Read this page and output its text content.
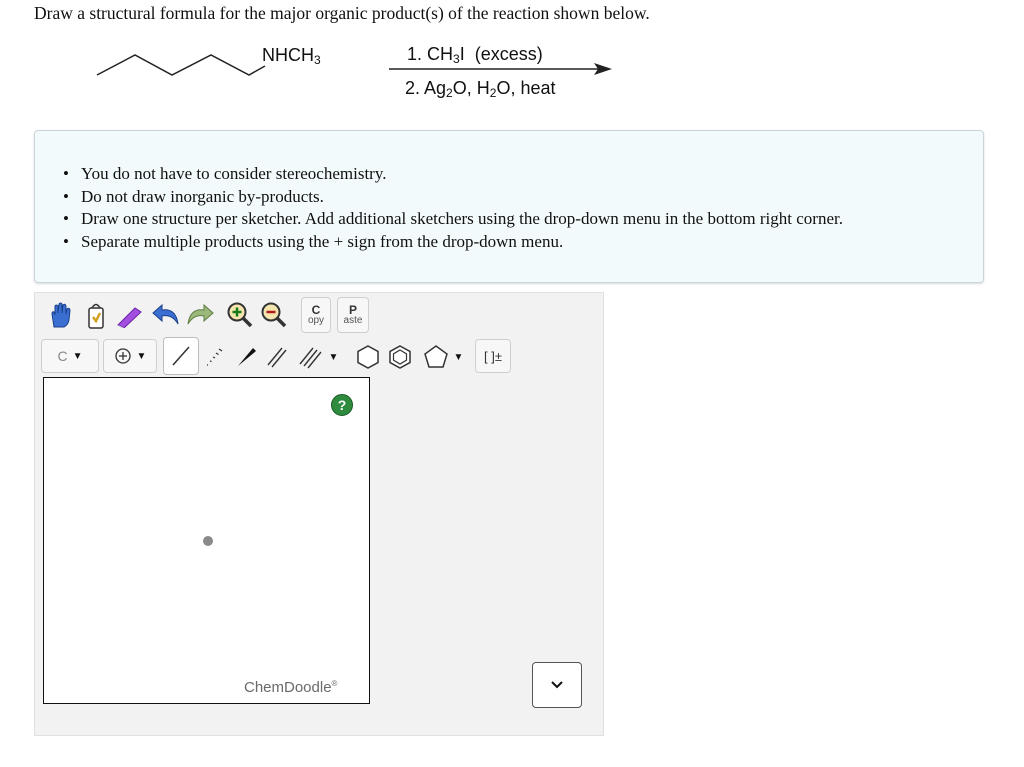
Draw a structural formula for the major organic product(s) of the reaction shown below.
$NHCH_3$	1. $CH_3I$  (excess)
2. $Ag_2O$, $H_2O$, heat
• You do not have to consider stereochemistry.
• Do not draw inorganic by-products.
• Draw one structure per sketcher. Add additional sketchers using the drop-down menu in the bottom right corner.
• Separate multiple products using the + sign from the drop-down menu.
C
opy
P
aste
C ▼	▼	▼	▼ [ ]±
?
ChemDoodle®
